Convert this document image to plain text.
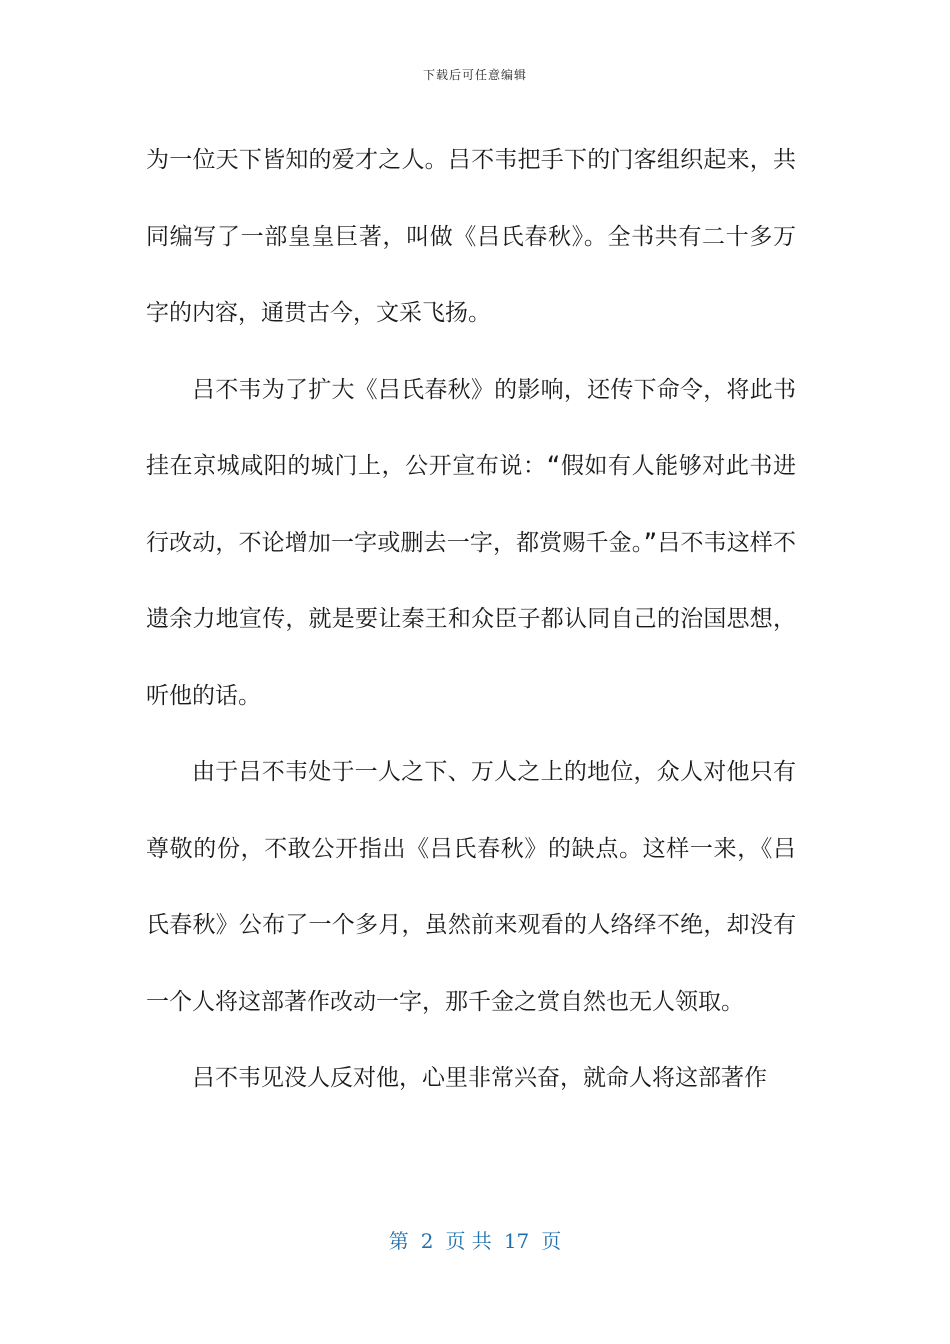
下载后可任意编辑

为一位天下皆知的爱才之人。吕不韦把手下的门客组织起来，共同编写了一部皇皇巨著，叫做《吕氏春秋》。全书共有二十多万字的内容，通贯古今，文采飞扬。

吕不韦为了扩大《吕氏春秋》的影响，还传下命令，将此书挂在京城咸阳的城门上，公开宣布说：“假如有人能够对此书进行改动，不论增加一字或删去一字，都赏赐千金。”吕不韦这样不遗余力地宣传，就是要让秦王和众臣子都认同自己的治国思想，听他的话。

由于吕不韦处于一人之下、万人之上的地位，众人对他只有尊敬的份，不敢公开指出《吕氏春秋》的缺点。这样一来，《吕氏春秋》公布了一个多月，虽然前来观看的人络绎不绝，却没有一个人将这部著作改动一字，那千金之赏自然也无人领取。

吕不韦见没人反对他，心里非常兴奋，就命人将这部著作

第 2 页 共 17 页
